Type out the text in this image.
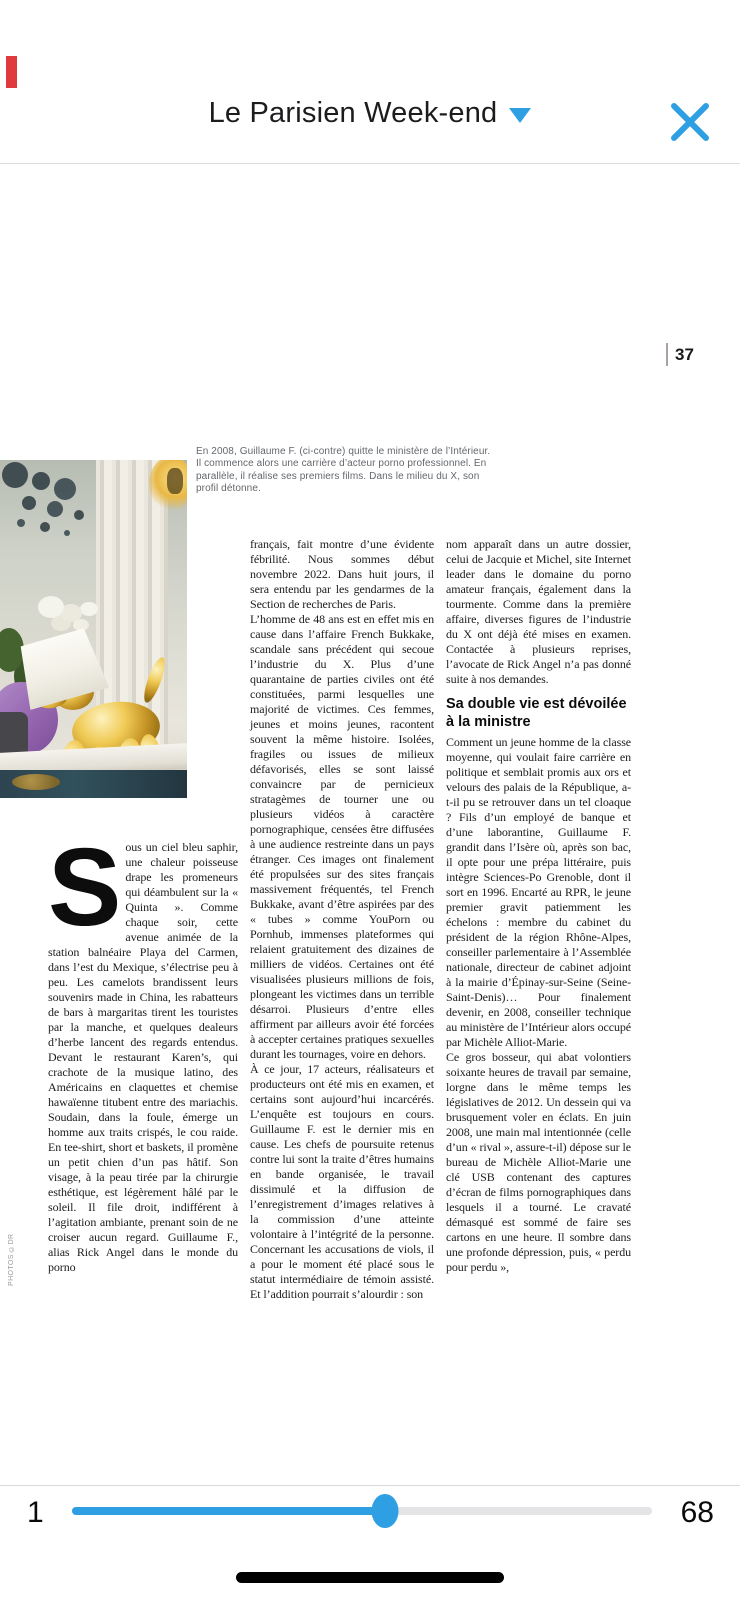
Le Parisien Week-end
37
En 2008, Guillaume F. (ci-contre) quitte le ministère de l’Intérieur. Il commence alors une carrière d’acteur porno professionnel. En parallèle, il réalise ses premiers films. Dans le milieu du X, son profil détonne.
PHOTOS ©DR

Sous un ciel bleu saphir, une chaleur poisseuse drape les promeneurs qui déambulent sur la « Quinta ». Comme chaque soir, cette avenue animée de la station balnéaire Playa del Carmen, dans l’est du Mexique, s’électrise peu à peu. Les camelots brandissent leurs souvenirs made in China, les rabatteurs de bars à margaritas tirent les touristes par la manche, et quelques dealeurs d’herbe lancent des regards entendus. Devant le restaurant Karen’s, qui crachote de la musique latino, des Américains en claquettes et chemise hawaïenne titubent entre des mariachis. Soudain, dans la foule, émerge un homme aux traits crispés, le cou raide. En tee-shirt, short et baskets, il promène un petit chien d’un pas hâtif. Son visage, à la peau tirée par la chirurgie esthétique, est légèrement hâlé par le soleil. Il file droit, indifférent à l’agitation ambiante, prenant soin de ne croiser aucun regard. Guillaume F., alias Rick Angel dans le monde du porno

français, fait montre d’une évidente fébrilité. Nous sommes début novembre 2022. Dans huit jours, il sera entendu par les gendarmes de la Section de recherches de Paris.

L’homme de 48 ans est en effet mis en cause dans l’affaire French Bukkake, scandale sans précédent qui secoue l’industrie du X. Plus d’une quarantaine de parties civiles ont été constituées, parmi lesquelles une majorité de victimes. Ces femmes, jeunes et moins jeunes, racontent souvent la même histoire. Isolées, fragiles ou issues de milieux défavorisés, elles se sont laissé convaincre par de pernicieux stratagèmes de tourner une ou plusieurs vidéos à caractère pornographique, censées être diffusées à une audience restreinte dans un pays étranger. Ces images ont finalement été propulsées sur des sites français massivement fréquentés, tel French Bukkake, avant d’être aspirées par des « tubes » comme YouPorn ou Pornhub, immenses plateformes qui relaient gratuitement des dizaines de milliers de vidéos. Certaines ont été visualisées plusieurs millions de fois, plongeant les victimes dans un terrible désarroi. Plusieurs d’entre elles affirment par ailleurs avoir été forcées à accepter certaines pratiques sexuelles durant les tournages, voire en dehors.

À ce jour, 17 acteurs, réalisateurs et producteurs ont été mis en examen, et certains sont aujourd’hui incarcérés. L’enquête est toujours en cours. Guillaume F. est le dernier mis en cause. Les chefs de poursuite retenus contre lui sont la traite d’êtres humains en bande organisée, le travail dissimulé et la diffusion de l’enregistrement d’images relatives à la commission d’une atteinte volontaire à l’intégrité de la personne. Concernant les accusations de viols, il a pour le moment été placé sous le statut intermédiaire de témoin assisté. Et l’addition pourrait s’alourdir : son

nom apparaît dans un autre dossier, celui de Jacquie et Michel, site Internet leader dans le domaine du porno amateur français, également dans la tourmente. Comme dans la première affaire, diverses figures de l’industrie du X ont déjà été mises en examen. Contactée à plusieurs reprises, l’avocate de Rick Angel n’a pas donné suite à nos demandes.

Sa double vie est dévoilée à la ministre

Comment un jeune homme de la classe moyenne, qui voulait faire carrière en politique et semblait promis aux ors et velours des palais de la République, a-t-il pu se retrouver dans un tel cloaque ? Fils d’un employé de banque et d’une laborantine, Guillaume F. grandit dans l’Isère où, après son bac, il opte pour une prépa littéraire, puis intègre Sciences-Po Grenoble, dont il sort en 1996. Encarté au RPR, le jeune premier gravit patiemment les échelons : membre du cabinet du président de la région Rhône-Alpes, conseiller parlementaire à l’Assemblée nationale, directeur de cabinet adjoint à la mairie d’Épinay-sur-Seine (Seine-Saint-Denis)… Pour finalement devenir, en 2008, conseiller technique au ministère de l’Intérieur alors occupé par Michèle Alliot-Marie.

Ce gros bosseur, qui abat volontiers soixante heures de travail par semaine, lorgne dans le même temps les législatives de 2012. Un dessein qui va brusquement voler en éclats. En juin 2008, une main mal intentionnée (celle d’un « rival », assure-t-il) dépose sur le bureau de Michèle Alliot-Marie une clé USB contenant des captures d’écran de films pornographiques dans lesquels il a tourné. Le cravaté démasqué est sommé de faire ses cartons en une heure. Il sombre dans une profonde dépression, puis, « perdu pour perdu »,

1	68
